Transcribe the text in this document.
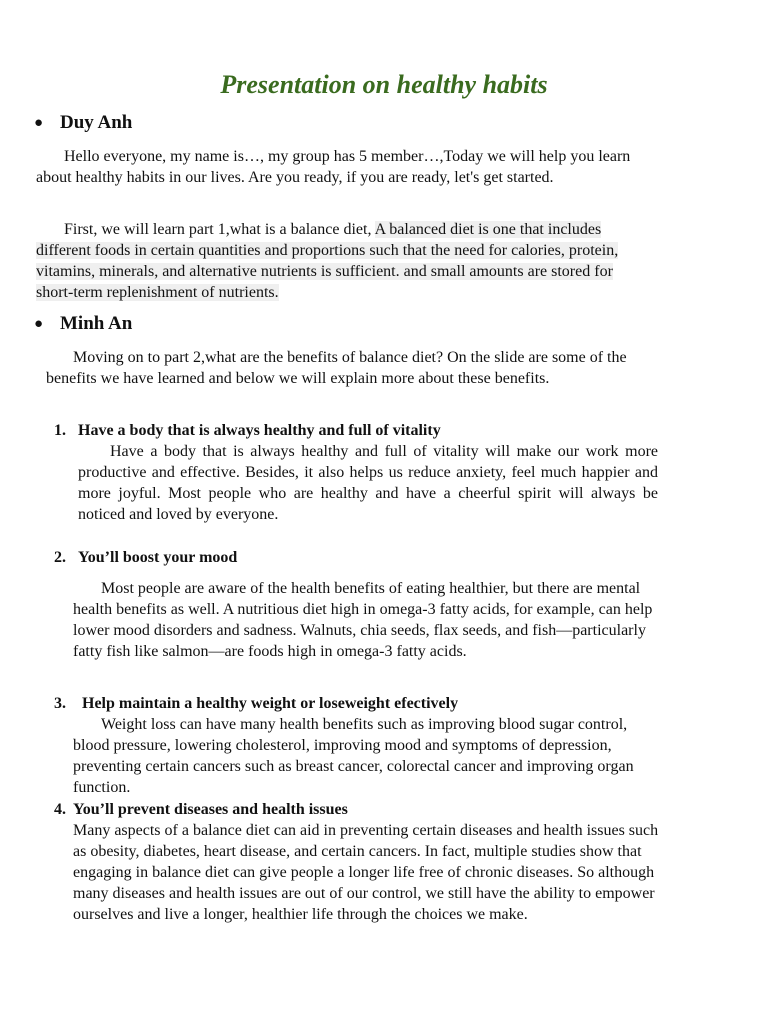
Presentation on healthy habits
● Duy Anh

Hello everyone, my name is…, my group has 5 member…,Today we will help you learn about healthy habits in our lives. Are you ready, if you are ready, let's get started.

First, we will learn part 1,what is a balance diet, A balanced diet is one that includes different foods in certain quantities and proportions such that the need for calories, protein, vitamins, minerals, and alternative nutrients is sufficient. and small amounts are stored for short-term replenishment of nutrients.

● Minh An

Moving on to part 2,what are the benefits of balance diet? On the slide are some of the benefits we have learned and below we will explain more about these benefits.

1. Have a body that is always healthy and full of vitality

Have a body that is always healthy and full of vitality will make our work more productive and effective. Besides, it also helps us reduce anxiety, feel much happier and more joyful. Most people who are healthy and have a cheerful spirit will always be noticed and loved by everyone.

2. You’ll boost your mood

Most people are aware of the health benefits of eating healthier, but there are mental health benefits as well. A nutritious diet high in omega-3 fatty acids, for example, can help lower mood disorders and sadness. Walnuts, chia seeds, flax seeds, and fish—particularly fatty fish like salmon—are foods high in omega-3 fatty acids.

3. Help maintain a healthy weight or loseweight efectively

Weight loss can have many health benefits such as improving blood sugar control, blood pressure, lowering cholesterol, improving mood and symptoms of depression, preventing certain cancers such as breast cancer, colorectal cancer and improving organ function.

4. You’ll prevent diseases and health issues

Many aspects of a balance diet can aid in preventing certain diseases and health issues such as obesity, diabetes, heart disease, and certain cancers. In fact, multiple studies show that engaging in balance diet can give people a longer life free of chronic diseases. So although many diseases and health issues are out of our control, we still have the ability to empower ourselves and live a longer, healthier life through the choices we make.
